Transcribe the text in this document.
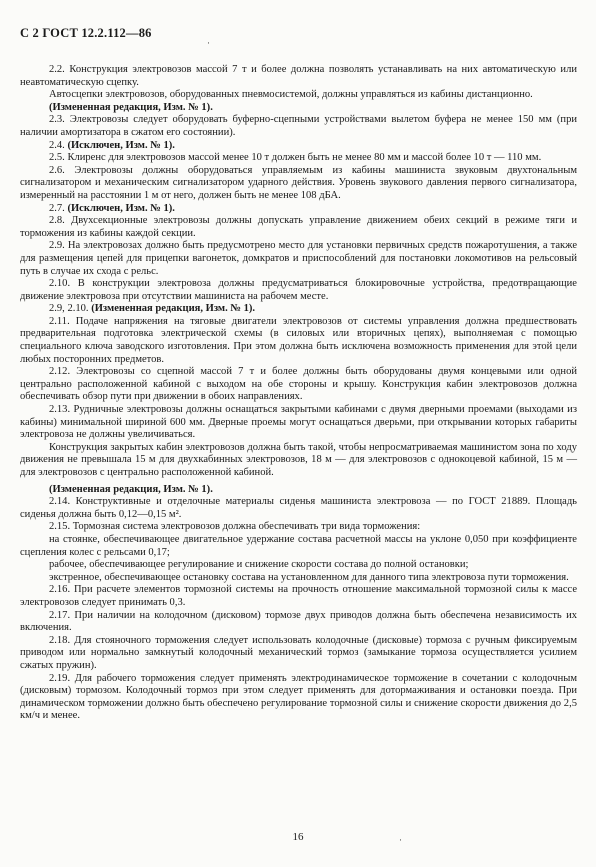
С 2 ГОСТ 12.2.112—86
·

2.2. Конструкция электровозов массой 7 т и более должна позволять устанавливать на них автоматическую или неавтоматическую сцепку.

Автосцепки электровозов, оборудованных пневмосистемой, должны управляться из кабины дистанционно.

(Измененная редакция, Изм. № 1).

2.3. Электровозы следует оборудовать буферно-сцепными устройствами вылетом буфера не менее 150 мм (при наличии амортизатора в сжатом его состоянии).

2.4. (Исключен, Изм. № 1).

2.5. Клиренс для электровозов массой менее 10 т должен быть не менее 80 мм и массой более 10 т — 110 мм.

2.6. Электровозы должны оборудоваться управляемым из кабины машиниста звуковым двухтональным сигнализатором и механическим сигнализатором ударного действия. Уровень звукового давления первого сигнализатора, измеренный на расстоянии 1 м от него, должен быть не менее 108 дБА.

2.7. (Исключен, Изм. № 1).

2.8. Двухсекционные электровозы должны допускать управление движением обеих секций в режиме тяги и торможения из кабины каждой секции.

2.9. На электровозах должно быть предусмотрено место для установки первичных средств пожаротушения, а также для размещения цепей для прицепки вагонеток, домкратов и приспособлений для постановки локомотивов на рельсовый путь в случае их схода с рельс.

2.10. В конструкции электровоза должны предусматриваться блокировочные устройства, предотвращающие движение электровоза при отсутствии машиниста на рабочем месте.

2.9, 2.10. (Измененная редакция, Изм. № 1).

2.11. Подаче напряжения на тяговые двигатели электровозов от системы управления должна предшествовать предварительная подготовка электрической схемы (в силовых или вторичных цепях), выполняемая с помощью специального ключа заводского изготовления. При этом должна быть исключена возможность применения для этой цели любых посторонних предметов.

2.12. Электровозы со сцепной массой 7 т и более должны быть оборудованы двумя концевыми или одной центрально расположенной кабиной с выходом на обе стороны и крышу. Конструкция кабин электровозов должна обеспечивать обзор пути при движении в обоих направлениях.

2.13. Рудничные электровозы должны оснащаться закрытыми кабинами с двумя дверными проемами (выходами из кабины) минимальной шириной 600 мм. Дверные проемы могут оснащаться дверьми, при открывании которых габариты электровоза не должны увеличиваться.

Конструкция закрытых кабин электровозов должна быть такой, чтобы непросматриваемая машинистом зона по ходу движения не превышала 15 м для двухкабинных электровозов, 18 м — для электровозов с однокоцевой кабиной, 15 м — для электровозов с центрально расположенной кабиной.

(Измененная редакция, Изм. № 1).

2.14. Конструктивные и отделочные материалы сиденья машиниста электровоза — по ГОСТ 21889. Площадь сиденья должна быть 0,12—0,15 м².

2.15. Тормозная система электровозов должна обеспечивать три вида торможения:

на стоянке, обеспечивающее двигательное удержание состава расчетной массы на уклоне 0,050 при коэффициенте сцепления колес с рельсами 0,17;

рабочее, обеспечивающее регулирование и снижение скорости состава до полной остановки;

экстренное, обеспечивающее остановку состава на установленном для данного типа электровоза пути торможения.

2.16. При расчете элементов тормозной системы на прочность отношение максимальной тормозной силы к массе электровозов следует принимать 0,3.

2.17. При наличии на колодочном (дисковом) тормозе двух приводов должна быть обеспечена независимость их включения.

2.18. Для стояночного торможения следует использовать колодочные (дисковые) тормоза с ручным фиксируемым приводом или нормально замкнутый колодочный механический тормоз (замыкание тормоза осуществляется усилием сжатых пружин).

2.19. Для рабочего торможения следует применять электродинамическое торможение в сочетании с колодочным (дисковым) тормозом. Колодочный тормоз при этом следует применять для дотормаживания и остановки поезда. При динамическом торможении должно быть обеспечено регулирование тормозной силы и снижение скорости движения до 2,5 км/ч и менее.

·
16
